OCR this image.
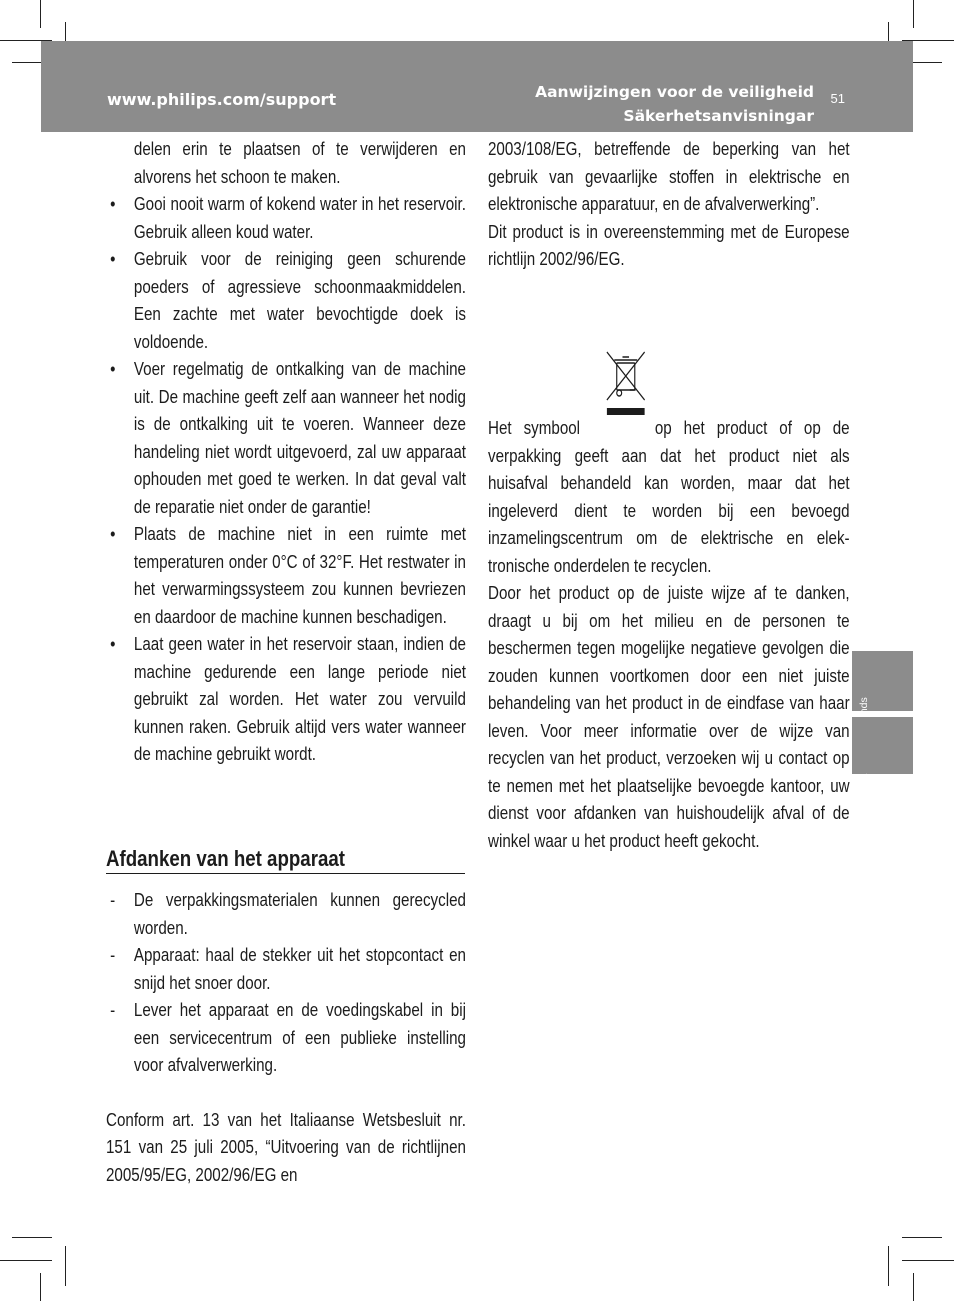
www.philips.com/support	Aanwijzingen voor de veiligheid
Säkerhetsanvisningar
51

delen erin te plaatsen of te verwijderen en alvorens het schoon te maken.

• Gooi nooit warm of kokend water in het reservoir. Gebruik alleen koud water.
• Gebruik voor de reiniging geen schurende poeders of agressieve schoonmaakmiddelen. Een zachte met water bevochtigde doek is voldoende.
• Voer regelmatig de ontkalking van de machine uit. De machine geeft zelf aan wanneer het nodig is de ontkalking uit te voeren. Wanneer deze handeling niet wordt uitgevoerd, zal uw apparaat ophouden met goed te werken. In dat geval valt de reparatie niet onder de garantie!
• Plaats de machine niet in een ruimte met temperaturen onder 0°C of 32°F. Het restwater in het verwarmingssysteem zou kunnen bevriezen en daardoor de machine kunnen beschadigen.
• Laat geen water in het reservoir staan, indien de machine gedurende een lange periode niet gebruikt zal worden. Het water zou vervuild kunnen raken. Gebruik altijd vers water wanneer de machine gebruikt wordt.
Afdanken van het apparaat
- De verpakkingsmaterialen kunnen gerecycled worden.
- Apparaat: haal de stekker uit het stopcontact en snijd het snoer door.
- Lever het apparaat en de voedingskabel in bij een servicecentrum of een publieke instelling voor afvalverwerking.

Conform art. 13 van het Italiaanse Wetsbesluit nr. 151 van 25 juli 2005, “Uitvoering van de richtlijnen 2005/95/EG, 2002/96/EG en

2003/108/EG, betreffende de beperking van het gebruik van gevaarlijke stoffen in elektrische en elektronische apparatuur, en de afvalverwerking”.

Dit product is in overeenstemming met de Europese richtlijn 2002/96/EG.

Het symbool	op het product of op de verpakking geeft aan dat het product niet als huisafval behandeld kan worden, maar dat het ingeleverd dient te worden bij een bevoegd inzamelingscentrum om de elektrische en elektronische onderdelen te recyclen.

Door het product op de juiste wijze af te danken, draagt u bij om het milieu en de personen te beschermen tegen mogelijke negatieve gevolgen die zouden kunnen voortkomen door een niet juiste behandeling van het product in de eindfase van haar leven. Voor meer informatie over de wijze van recyclen van het product, verzoeken wij u contact op te nemen met het plaatselijke bevoegde kantoor, uw dienst voor afdanken van huishoudelijk afval of de winkel waar u het product heeft gekocht.

Svenska
